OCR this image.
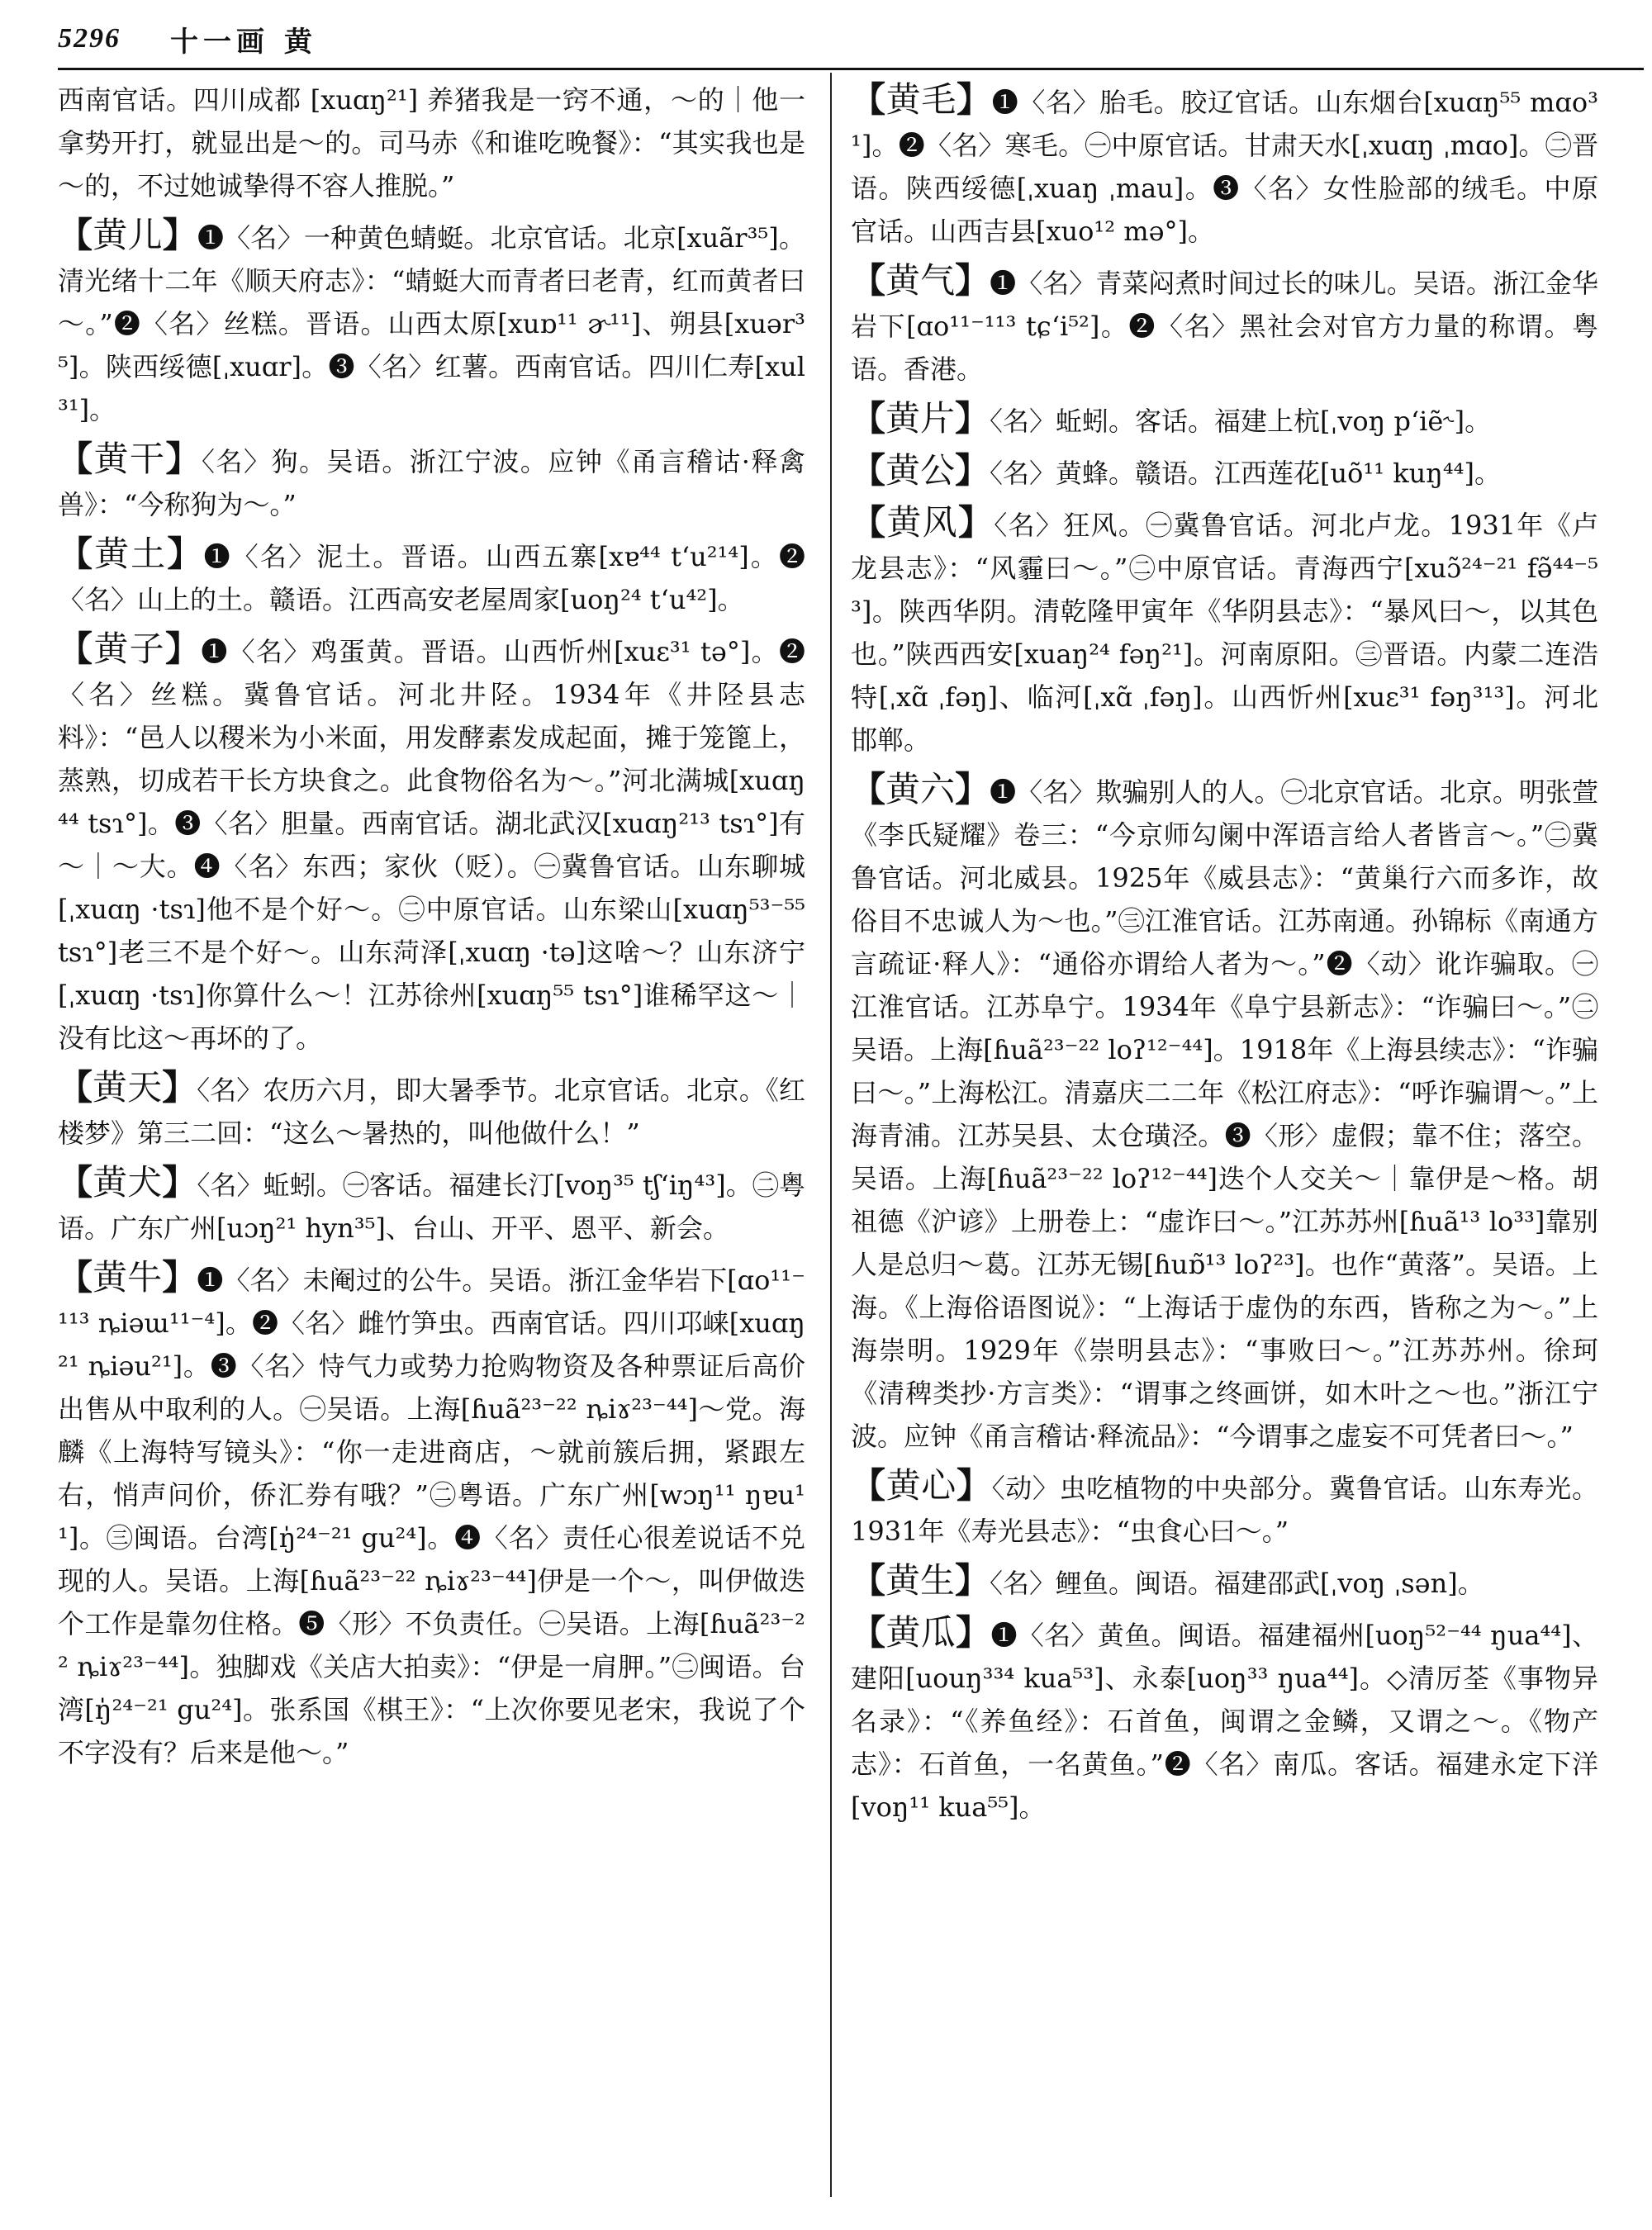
5296 十一画 黄

西南官话。四川成都 [xuɑŋ²¹] 养猪我是一窍不通，～的｜他一拿势开打，就显出是～的。司马赤《和谁吃晚餐》：“其实我也是～的，不过她诚挚得不容人推脱。”

【黄儿】❶〈名〉一种黄色蜻蜓。北京官话。北京[xuãr³⁵]。清光绪十二年《顺天府志》：“蜻蜓大而青者曰老青，红而黄者曰～。”❷〈名〉丝糕。晋语。山西太原[xuɒ¹¹ ɚ¹¹]、朔县[xuər³⁵]。陕西绥德[ˌxuɑr]。❸〈名〉红薯。西南官话。四川仁寿[xul³¹]。

【黄干】〈名〉狗。吴语。浙江宁波。应钟《甬言稽诂·释禽兽》：“今称狗为～。”

【黄土】❶〈名〉泥土。晋语。山西五寨[xɐ⁴⁴ t‘u²¹⁴]。❷〈名〉山上的土。赣语。江西高安老屋周家[uoŋ²⁴ t‘u⁴²]。

【黄子】❶〈名〉鸡蛋黄。晋语。山西忻州[xuɛ³¹ tə°]。❷〈名〉丝糕。冀鲁官话。河北井陉。1934年《井陉县志料》：“邑人以稷米为小米面，用发酵素发成起面，摊于笼篦上，蒸熟，切成若干长方块食之。此食物俗名为～。”河北满城[xuɑŋ⁴⁴ tsɿ°]。❸〈名〉胆量。西南官话。湖北武汉[xuɑŋ²¹³ tsɿ°]有～｜～大。❹〈名〉东西；家伙（贬）。㊀冀鲁官话。山东聊城[ˌxuɑŋ ·tsɿ]他不是个好～。㊁中原官话。山东梁山[xuɑŋ⁵³⁻⁵⁵ tsɿ°]老三不是个好～。山东菏泽[ˌxuɑŋ ·tə]这啥～？山东济宁[ˌxuɑŋ ·tsɿ]你算什么～！江苏徐州[xuɑŋ⁵⁵ tsɿ°]谁稀罕这～｜没有比这～再坏的了。

【黄天】〈名〉农历六月，即大暑季节。北京官话。北京。《红楼梦》第三二回：“这么～暑热的，叫他做什么！”

【黄犬】〈名〉蚯蚓。㊀客话。福建长汀[voŋ³⁵ tʃ‘iŋ⁴³]。㊁粤语。广东广州[uɔŋ²¹ hyn³⁵]、台山、开平、恩平、新会。

【黄牛】❶〈名〉未阉过的公牛。吴语。浙江金华岩下[ɑo¹¹⁻¹¹³ ȵiəɯ¹¹⁻⁴]。❷〈名〉雌竹笋虫。西南官话。四川邛崃[xuɑŋ²¹ ȵiəu²¹]。❸〈名〉恃气力或势力抢购物资及各种票证后高价出售从中取利的人。㊀吴语。上海[ɦuã²³⁻²² ȵiɤ²³⁻⁴⁴]～党。海麟《上海特写镜头》：“你一走进商店，～就前簇后拥，紧跟左右，悄声问价，侨汇券有哦？”㊁粤语。广东广州[wɔŋ¹¹ ŋɐu¹¹]。㊂闽语。台湾[ŋ̍²⁴⁻²¹ gu²⁴]。❹〈名〉责任心很差说话不兑现的人。吴语。上海[ɦuã²³⁻²² ȵiɤ²³⁻⁴⁴]伊是一个～，叫伊做迭个工作是靠勿住格。❺〈形〉不负责任。㊀吴语。上海[ɦuã²³⁻²² ȵiɤ²³⁻⁴⁴]。独脚戏《关店大拍卖》：“伊是一肩胛。”㊁闽语。台湾[ŋ̍²⁴⁻²¹ gu²⁴]。张系国《棋王》：“上次你要见老宋，我说了个不字没有？后来是他～。”

【黄毛】❶〈名〉胎毛。胶辽官话。山东烟台[xuɑŋ⁵⁵ mɑo³¹]。❷〈名〉寒毛。㊀中原官话。甘肃天水[ˌxuɑŋ ˌmɑo]。㊁晋语。陕西绥德[ˌxuaŋ ˌmau]。❸〈名〉女性脸部的绒毛。中原官话。山西吉县[xuo¹² mə°]。

【黄气】❶〈名〉青菜闷煮时间过长的味儿。吴语。浙江金华岩下[ɑo¹¹⁻¹¹³ tɕ‘i⁵²]。❷〈名〉黑社会对官方力量的称谓。粤语。香港。

【黄片】〈名〉蚯蚓。客话。福建上杭[ˌvoŋ p‘iẽ˞]。

【黄公】〈名〉黄蜂。赣语。江西莲花[uõ¹¹ kuŋ⁴⁴]。

【黄风】〈名〉狂风。㊀冀鲁官话。河北卢龙。1931年《卢龙县志》：“风霾曰～。”㊁中原官话。青海西宁[xuɔ̃²⁴⁻²¹ fə̃⁴⁴⁻⁵³]。陕西华阴。清乾隆甲寅年《华阴县志》：“暴风曰～，以其色也。”陕西西安[xuaŋ²⁴ fəŋ²¹]。河南原阳。㊂晋语。内蒙二连浩特[ˌxɑ̃ ˌfəŋ]、临河[ˌxɑ̃ ˌfəŋ]。山西忻州[xuɛ³¹ fəŋ³¹³]。河北邯郸。

【黄六】❶〈名〉欺骗别人的人。㊀北京官话。北京。明张萱《李氏疑耀》卷三：“今京师勾阑中浑语言给人者皆言～。”㊁冀鲁官话。河北威县。1925年《威县志》：“黄巢行六而多诈，故俗目不忠诚人为～也。”㊂江淮官话。江苏南通。孙锦标《南通方言疏证·释人》：“通俗亦谓给人者为～。”❷〈动〉讹诈骗取。㊀江淮官话。江苏阜宁。1934年《阜宁县新志》：“诈骗曰～。”㊁吴语。上海[ɦuã²³⁻²² loʔ¹²⁻⁴⁴]。1918年《上海县续志》：“诈骗曰～。”上海松江。清嘉庆二二年《松江府志》：“呼诈骗谓～。”上海青浦。江苏吴县、太仓璜泾。❸〈形〉虚假；靠不住；落空。吴语。上海[ɦuã²³⁻²² loʔ¹²⁻⁴⁴]迭个人交关～｜靠伊是～格。胡祖德《沪谚》上册卷上：“虚诈曰～。”江苏苏州[ɦuã¹³ lo³³]靠别人是总归～葛。江苏无锡[ɦuɒ̃¹³ loʔ²³]。也作“黄落”。吴语。上海。《上海俗语图说》：“上海话于虚伪的东西，皆称之为～。”上海崇明。1929年《崇明县志》：“事败曰～。”江苏苏州。徐珂《清稗类抄·方言类》：“谓事之终画饼，如木叶之～也。”浙江宁波。应钟《甬言稽诂·释流品》：“今谓事之虚妄不可凭者曰～。”

【黄心】〈动〉虫吃植物的中央部分。冀鲁官话。山东寿光。1931年《寿光县志》：“虫食心曰～。”

【黄生】〈名〉鲤鱼。闽语。福建邵武[ˌvoŋ ˌsən]。

【黄瓜】❶〈名〉黄鱼。闽语。福建福州[uoŋ⁵²⁻⁴⁴ ŋua⁴⁴]、建阳[uouŋ³³⁴ kua⁵³]、永泰[uoŋ³³ ŋua⁴⁴]。◇清厉荃《事物异名录》：“《养鱼经》：石首鱼，闽谓之金鳞，又谓之～。《物产志》：石首鱼，一名黄鱼。”❷〈名〉南瓜。客话。福建永定下洋[voŋ¹¹ kua⁵⁵]。
